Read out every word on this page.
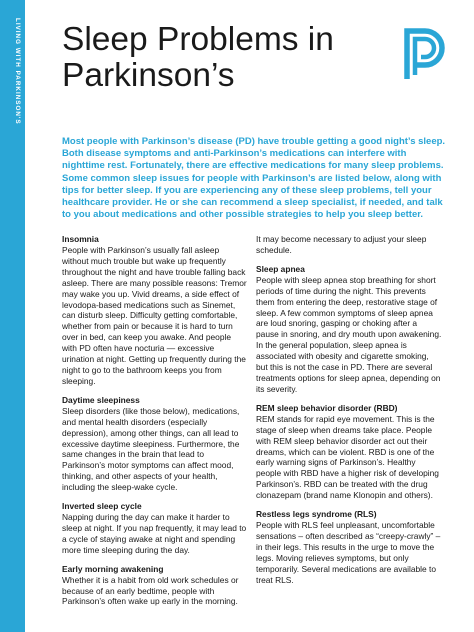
LIVING WITH PARKINSON'S Sleep Problems in
Parkinson’s

Most people with Parkinson’s disease (PD) have trouble getting a good night’s sleep. Both disease symptoms and anti-Parkinson’s medications can interfere with nighttime rest. Fortunately, there are effective medications for many sleep problems. Some common sleep issues for people with Parkinson’s are listed below, along with tips for better sleep. If you are experiencing any of these sleep problems, tell your healthcare provider. He or she can recommend a sleep specialist, if needed, and talk to you about medications and other possible strategies to help you sleep better.

Insomnia

People with Parkinson’s usually fall asleep without much trouble but wake up frequently throughout the night and have trouble falling back asleep. There are many possible reasons: Tremor may wake you up. Vivid dreams, a side effect of levodopa-based medications such as Sinemet, can disturb sleep. Difficulty getting comfortable, whether from pain or because it is hard to turn over in bed, can keep you awake. And people with PD often have nocturia — excessive urination at night. Getting up frequently during the night to go to the bathroom keeps you from sleeping.

Daytime sleepiness

Sleep disorders (like those below), medications, and mental health disorders (especially depression), among other things, can all lead to excessive daytime sleepiness. Furthermore, the same changes in the brain that lead to Parkinson’s motor symptoms can affect mood, thinking, and other aspects of your health, including the sleep-wake cycle.

Inverted sleep cycle

Napping during the day can make it harder to sleep at night. If you nap frequently, it may lead to a cycle of staying awake at night and spending more time sleeping during the day.

Early morning awakening

Whether it is a habit from old work schedules or because of an early bedtime, people with Parkinson’s often wake up early in the morning.

It may become necessary to adjust your sleep schedule.

Sleep apnea

People with sleep apnea stop breathing for short periods of time during the night. This prevents them from entering the deep, restorative stage of sleep. A few common symptoms of sleep apnea are loud snoring, gasping or choking after a pause in snoring, and dry mouth upon awakening. In the general population, sleep apnea is associated with obesity and cigarette smoking, but this is not the case in PD. There are several treatments options for sleep apnea, depending on its severity.

REM sleep behavior disorder (RBD)

REM stands for rapid eye movement. This is the stage of sleep when dreams take place. People with REM sleep behavior disorder act out their dreams, which can be violent. RBD is one of the early warning signs of Parkinson’s. Healthy people with RBD have a higher risk of developing Parkinson’s. RBD can be treated with the drug clonazepam (brand name Klonopin and others).

Restless legs syndrome (RLS)

People with RLS feel unpleasant, uncomfortable sensations – often described as “creepy-crawly” – in their legs. This results in the urge to move the legs. Moving relieves symptoms, but only temporarily. Several medications are available to treat RLS.
